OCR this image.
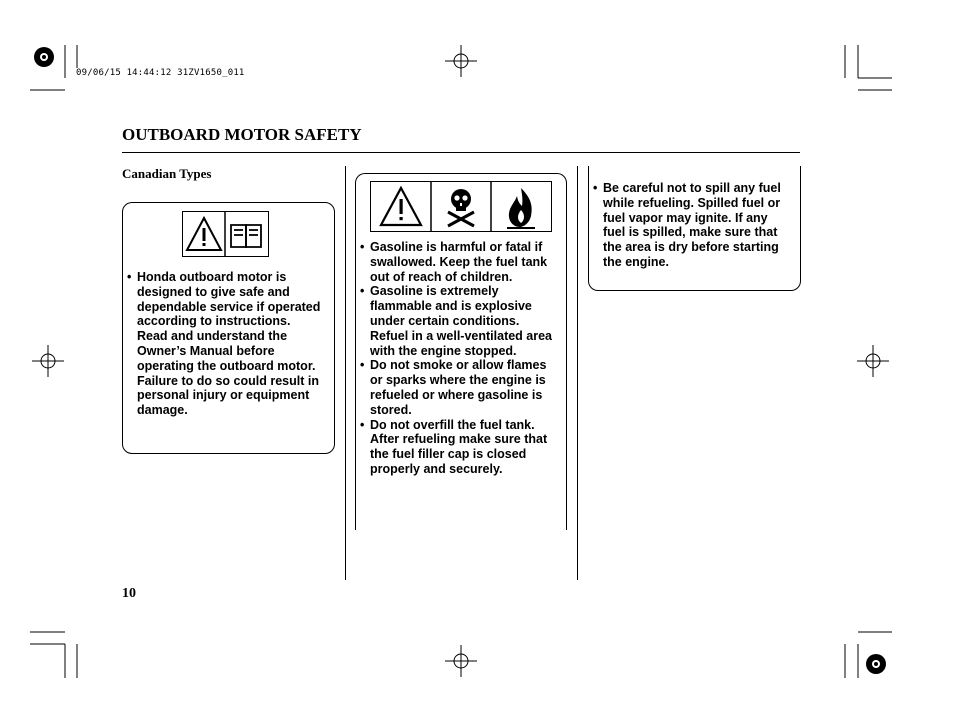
09/06/15 14:44:12 31ZV1650_011
OUTBOARD MOTOR SAFETY
Canadian Types
• Honda outboard motor is designed to give safe and dependable service if operated according to instructions.
Read and understand the Owner’s Manual before operating the outboard motor. Failure to do so could result in personal injury or equipment damage.
• Gasoline is harmful or fatal if swallowed. Keep the fuel tank out of reach of children.
• Gasoline is extremely flammable and is explosive under certain conditions. Refuel in a well-ventilated area with the engine stopped.
• Do not smoke or allow flames or sparks where the engine is refueled or where gasoline is stored.
• Do not overfill the fuel tank. After refueling make sure that the fuel filler cap is closed properly and securely.
• Be careful not to spill any fuel while refueling. Spilled fuel or fuel vapor may ignite. If any fuel is spilled, make sure that the area is dry before starting the engine.
10
